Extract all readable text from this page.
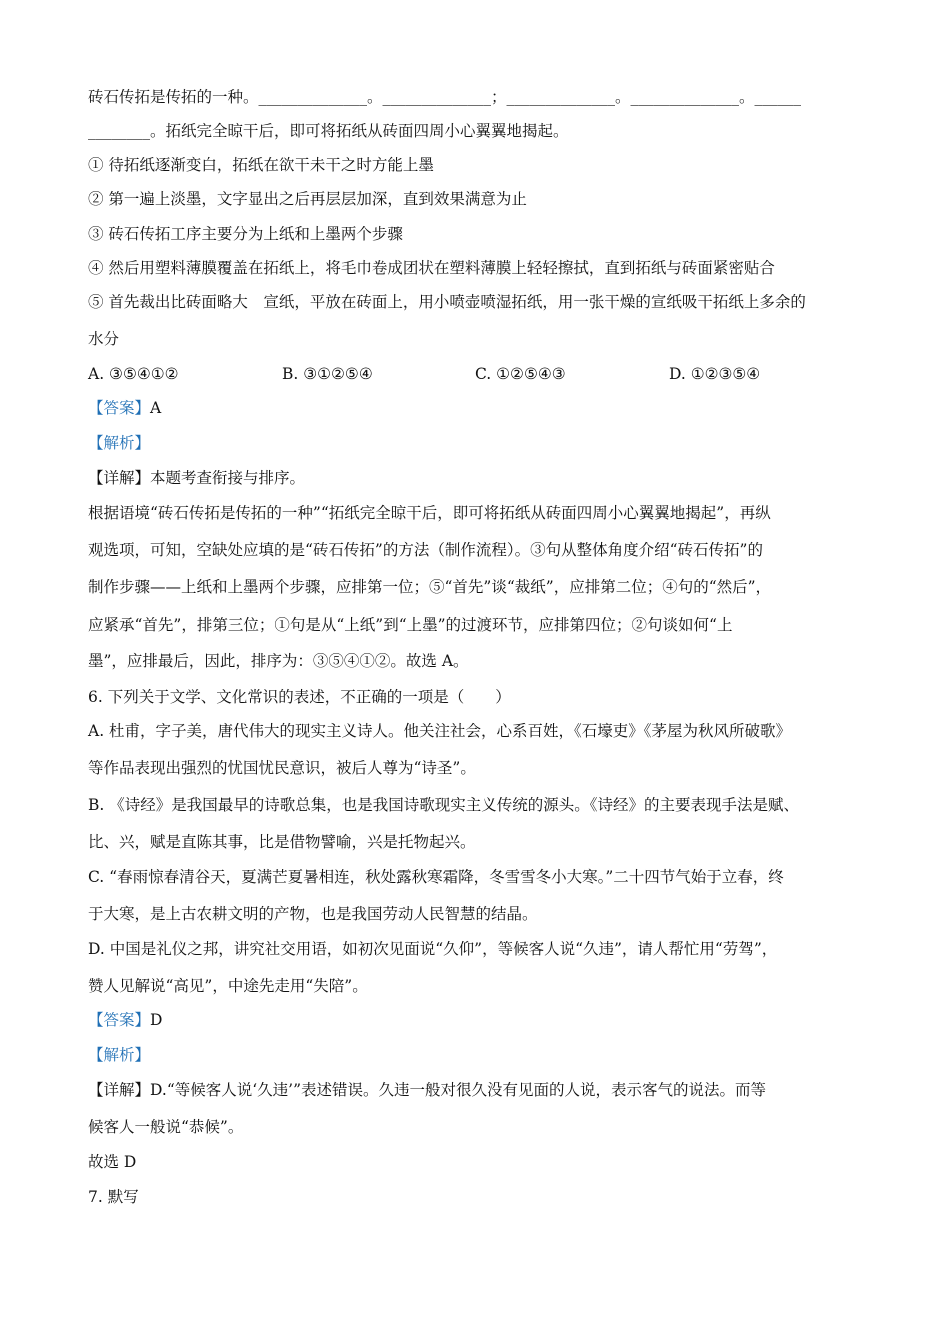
砖石传拓是传拓的一种。______________。______________；______________。______________。______
________。拓纸完全晾干后，即可将拓纸从砖面四周小心翼翼地揭起。
① 待拓纸逐渐变白，拓纸在欲干未干之时方能上墨
② 第一遍上淡墨，文字显出之后再层层加深，直到效果满意为止
③ 砖石传拓工序主要分为上纸和上墨两个步骤
④ 然后用塑料薄膜覆盖在拓纸上，将毛巾卷成团状在塑料薄膜上轻轻擦拭，直到拓纸与砖面紧密贴合
⑤ 首先裁出比砖面略大　宣纸，平放在砖面上，用小喷壶喷湿拓纸，用一张干燥的宣纸吸干拓纸上多余的
水分
A. ③⑤④①②	B. ③①②⑤④	C. ①②⑤④③	D. ①②③⑤④
【答案】A
【解析】
【详解】本题考查衔接与排序。
根据语境“砖石传拓是传拓的一种”“拓纸完全晾干后，即可将拓纸从砖面四周小心翼翼地揭起”，再纵
观选项，可知，空缺处应填的是“砖石传拓”的方法（制作流程）。③句从整体角度介绍“砖石传拓”的
制作步骤——上纸和上墨两个步骤，应排第一位；⑤“首先”谈“裁纸”，应排第二位；④句的“然后”，
应紧承“首先”，排第三位；①句是从“上纸”到“上墨”的过渡环节，应排第四位；②句谈如何“上
墨”，应排最后，因此，排序为：③⑤④①②。故选 A。
6. 下列关于文学、文化常识的表述，不正确的一项是（　　）
A. 杜甫，字子美，唐代伟大的现实主义诗人。他关注社会，心系百姓，《石壕吏》《茅屋为秋风所破歌》
等作品表现出强烈的忧国忧民意识，被后人尊为“诗圣”。
B. 《诗经》是我国最早的诗歌总集，也是我国诗歌现实主义传统的源头。《诗经》的主要表现手法是赋、
比、兴，赋是直陈其事，比是借物譬喻，兴是托物起兴。
C. “春雨惊春清谷天，夏满芒夏暑相连，秋处露秋寒霜降，冬雪雪冬小大寒。”二十四节气始于立春，终
于大寒，是上古农耕文明的产物，也是我国劳动人民智慧的结晶。
D. 中国是礼仪之邦，讲究社交用语，如初次见面说“久仰”，等候客人说“久违”，请人帮忙用“劳驾”，
赞人见解说“高见”，中途先走用“失陪”。
【答案】D
【解析】
【详解】D.“等候客人说‘久违’”表述错误。久违一般对很久没有见面的人说，表示客气的说法。而等
候客人一般说“恭候”。
故选 D
7. 默写
